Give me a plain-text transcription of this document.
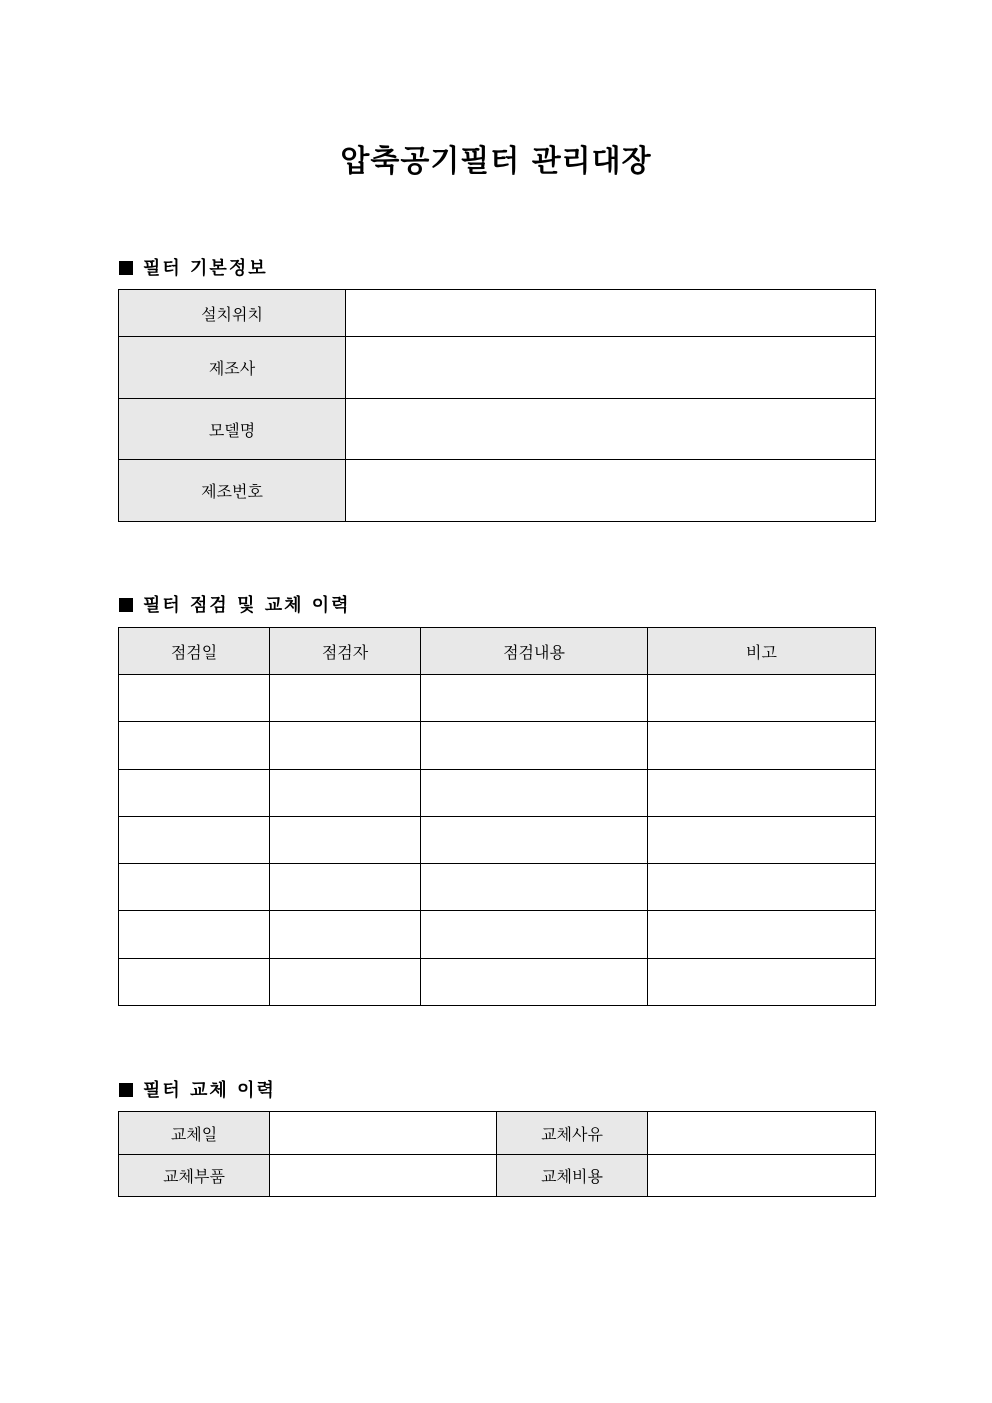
압축공기필터 관리대장
필터 기본정보
설치위치	
제조사	
모델명	
제조번호	
필터 점검 및 교체 이력
점검일	점검자	점검내용	비고

필터 교체 이력
교체일		교체사유	
교체부품		교체비용	
